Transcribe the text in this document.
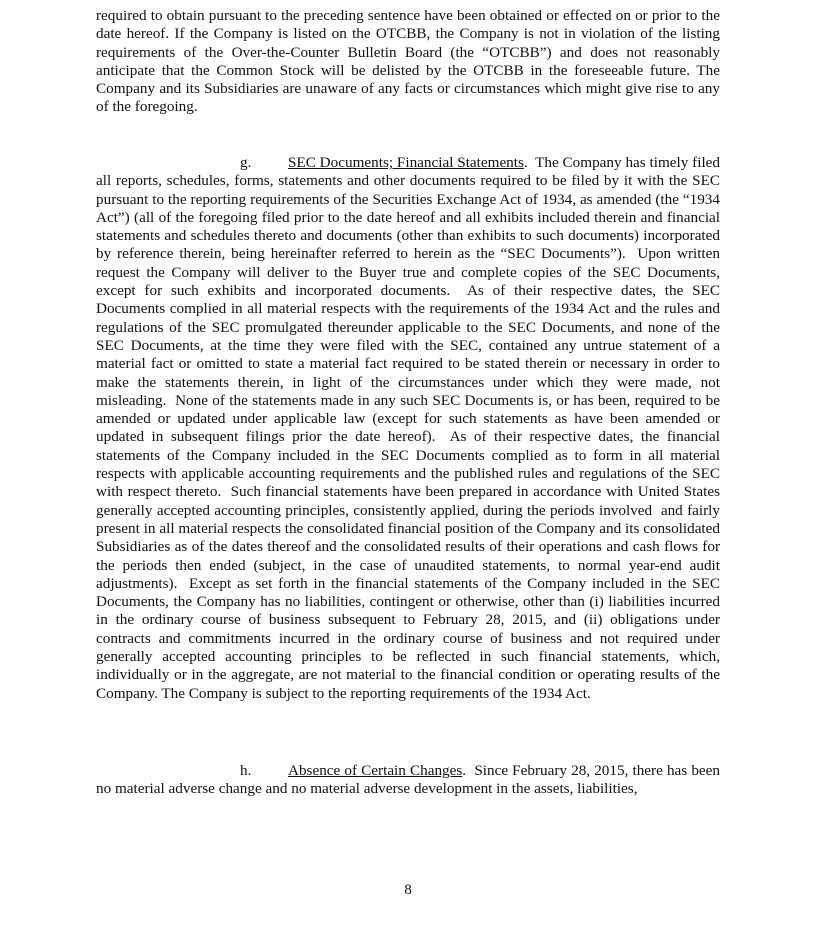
required to obtain pursuant to the preceding sentence have been obtained or effected on or prior to the date hereof. If the Company is listed on the OTCBB, the Company is not in violation of the listing requirements of the Over-the-Counter Bulletin Board (the “OTCBB”) and does not reasonably anticipate that the Common Stock will be delisted by the OTCBB in the foreseeable future. The Company and its Subsidiaries are unaware of any facts or circumstances which might give rise to any of the foregoing.

g. SEC Documents; Financial Statements.  The Company has timely filed all reports, schedules, forms, statements and other documents required to be filed by it with the SEC pursuant to the reporting requirements of the Securities Exchange Act of 1934, as amended (the “1934 Act”) (all of the foregoing filed prior to the date hereof and all exhibits included therein and financial statements and schedules thereto and documents (other than exhibits to such documents) incorporated by reference therein, being hereinafter referred to herein as the “SEC Documents”).  Upon written request the Company will deliver to the Buyer true and complete copies of the SEC Documents, except for such exhibits and incorporated documents.  As of their respective dates, the SEC Documents complied in all material respects with the requirements of the 1934 Act and the rules and regulations of the SEC promulgated thereunder applicable to the SEC Documents, and none of the SEC Documents, at the time they were filed with the SEC, contained any untrue statement of a material fact or omitted to state a material fact required to be stated therein or necessary in order to make the statements therein, in light of the circumstances under which they were made, not misleading.  None of the statements made in any such SEC Documents is, or has been, required to be amended or updated under applicable law (except for such statements as have been amended or updated in subsequent filings prior the date hereof).  As of their respective dates, the financial statements of the Company included in the SEC Documents complied as to form in all material respects with applicable accounting requirements and the published rules and regulations of the SEC with respect thereto.  Such financial statements have been prepared in accordance with United States generally accepted accounting principles, consistently applied, during the periods involved  and fairly present in all material respects the consolidated financial position of the Company and its consolidated Subsidiaries as of the dates thereof and the consolidated results of their operations and cash flows for the periods then ended (subject, in the case of unaudited statements, to normal year-end audit adjustments).  Except as set forth in the financial statements of the Company included in the SEC Documents, the Company has no liabilities, contingent or otherwise, other than (i) liabilities incurred in the ordinary course of business subsequent to February 28, 2015, and (ii) obligations under contracts and commitments incurred in the ordinary course of business and not required under generally accepted accounting principles to be reflected in such financial statements, which, individually or in the aggregate, are not material to the financial condition or operating results of the Company. The Company is subject to the reporting requirements of the 1934 Act.

h. Absence of Certain Changes.  Since February 28, 2015, there has been no material adverse change and no material adverse development in the assets, liabilities,

8
